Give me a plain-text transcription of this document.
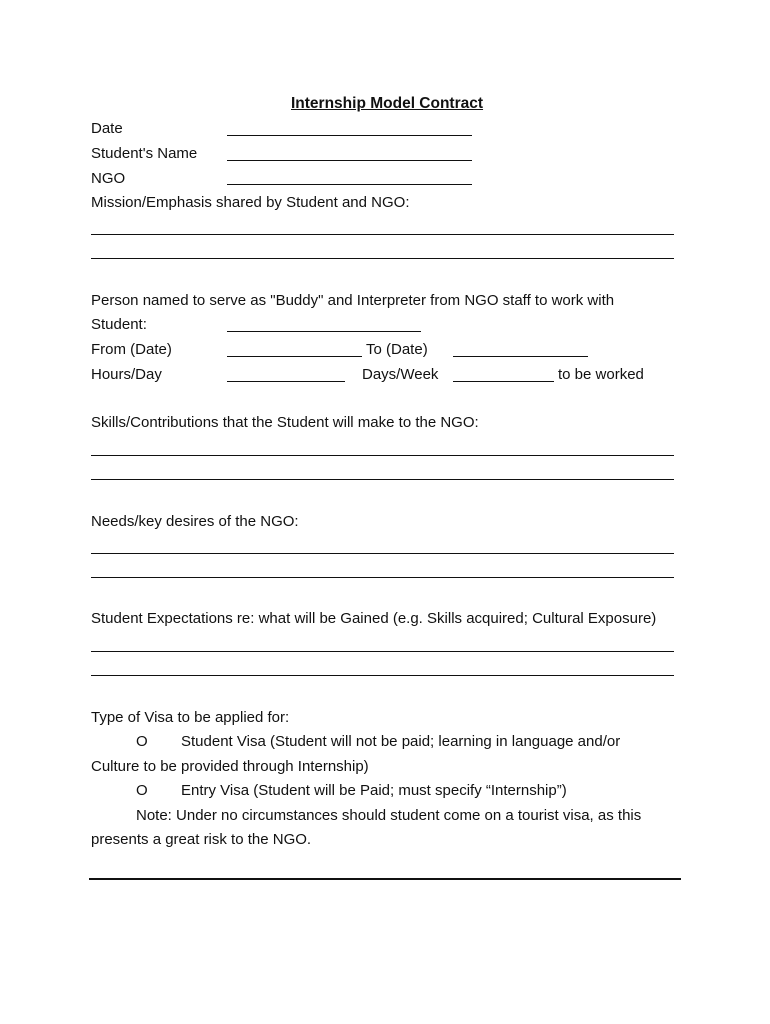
Internship Model Contract
Date
Student's Name
NGO
Mission/Emphasis shared by Student and NGO:
Person named to serve as "Buddy" and Interpreter from NGO staff to work with
Student:
From (Date)	To (Date)
Hours/Day	Days/Week	to be worked
Skills/Contributions that the Student will make to the NGO:
Needs/key desires of the NGO:
Student Expectations re: what will be Gained (e.g. Skills acquired; Cultural Exposure)
Type of Visa to be applied for:
O Student Visa (Student will not be paid; learning in language and/or
Culture to be provided through Internship)
O Entry Visa (Student will be Paid; must specify “Internship”)
Note: Under no circumstances should student come on a tourist visa, as this
presents a great risk to the NGO.
